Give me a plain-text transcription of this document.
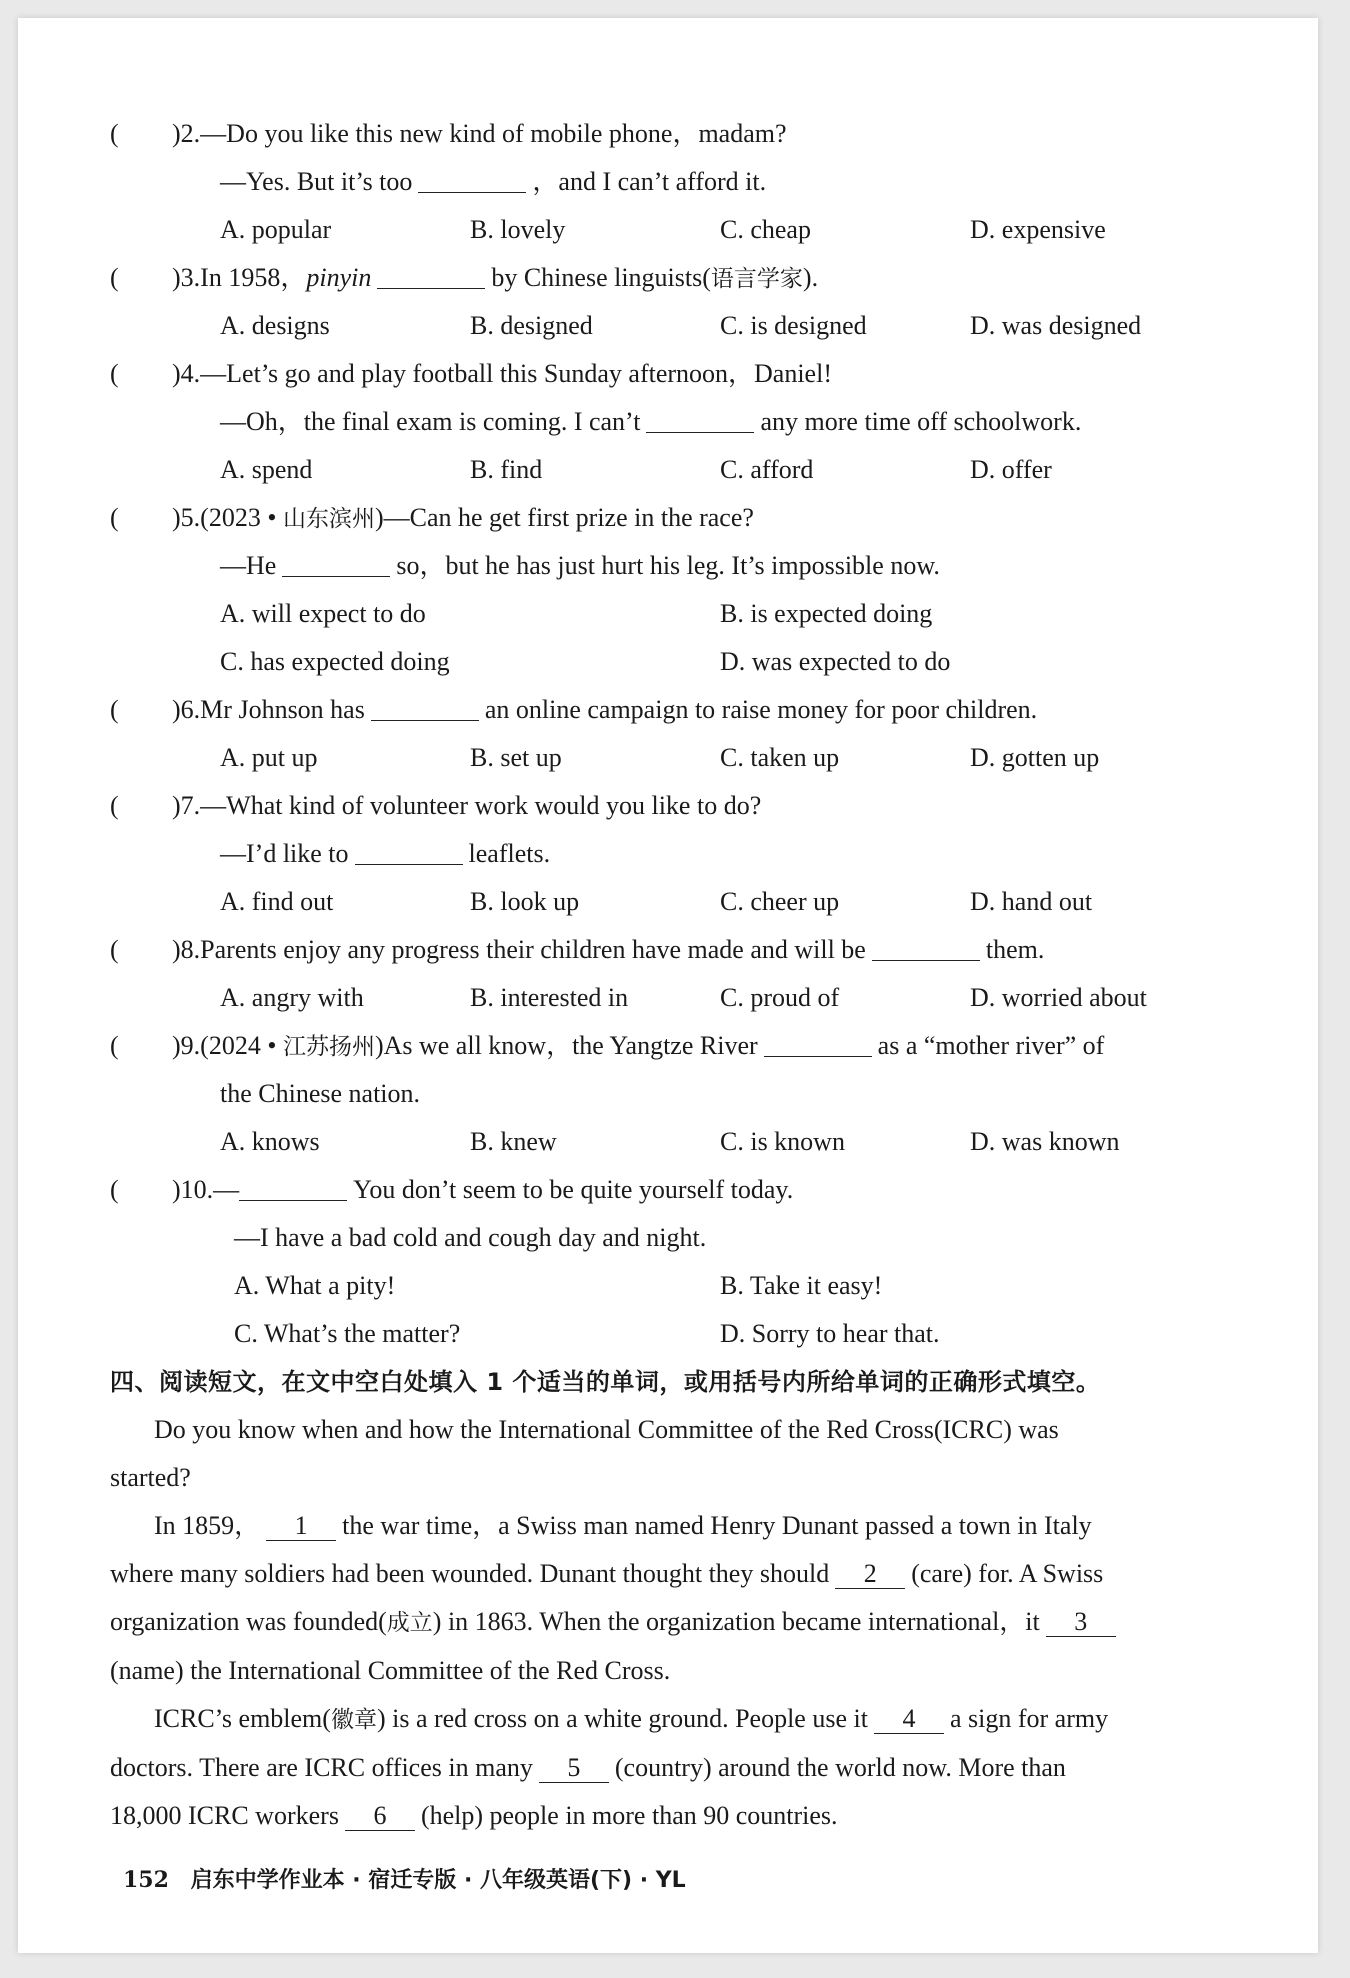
( )2.—Do you like this new kind of mobile phone，madam?
—Yes. But it’s too	，and I can’t afford it.
A. popular	B. lovely	C. cheap	D. expensive
( )3.In 1958，pinyin	by Chinese linguists(语言学家).
A. designs	B. designed	C. is designed	D. was designed
( )4.—Let’s go and play football this Sunday afternoon，Daniel!
—Oh，the final exam is coming. I can’t	any more time off schoolwork.
A. spend	B. find	C. afford	D. offer
( )5.(2023 • 山东滨州)—Can he get first prize in the race?
—He	so，but he has just hurt his leg. It’s impossible now.
A. will expect to do	B. is expected doing
C. has expected doing	D. was expected to do
( )6.Mr Johnson has	an online campaign to raise money for poor children.
A. put up	B. set up	C. taken up	D. gotten up
( )7.—What kind of volunteer work would you like to do?
—I’d like to	leaflets.
A. find out	B. look up	C. cheer up	D. hand out
( )8.Parents enjoy any progress their children have made and will be	them.
A. angry with	B. interested in	C. proud of	D. worried about
( )9.(2024 • 江苏扬州)As we all know，the Yangtze River	as a “mother river” of
the Chinese nation.
A. knows	B. knew	C. is known	D. was known
( )10.—	You don’t seem to be quite yourself today.
—I have a bad cold and cough day and night.
A. What a pity!	B. Take it easy!
C. What’s the matter?	D. Sorry to hear that.
四、阅读短文，在文中空白处填入 1 个适当的单词，或用括号内所给单词的正确形式填空。
Do you know when and how the International Committee of the Red Cross(ICRC) was
started?
In 1859， 1 the war time，a Swiss man named Henry Dunant passed a town in Italy
where many soldiers had been wounded. Dunant thought they should 2 (care) for. A Swiss
organization was founded(成立) in 1863. When the organization became international，it 3
(name) the International Committee of the Red Cross.
ICRC’s emblem(徽章) is a red cross on a white ground. People use it 4 a sign for army
doctors. There are ICRC offices in many 5 (country) around the world now. More than
18,000 ICRC workers 6 (help) people in more than 90 countries.
152 启东中学作业本 · 宿迁专版 · 八年级英语(下) · YL
